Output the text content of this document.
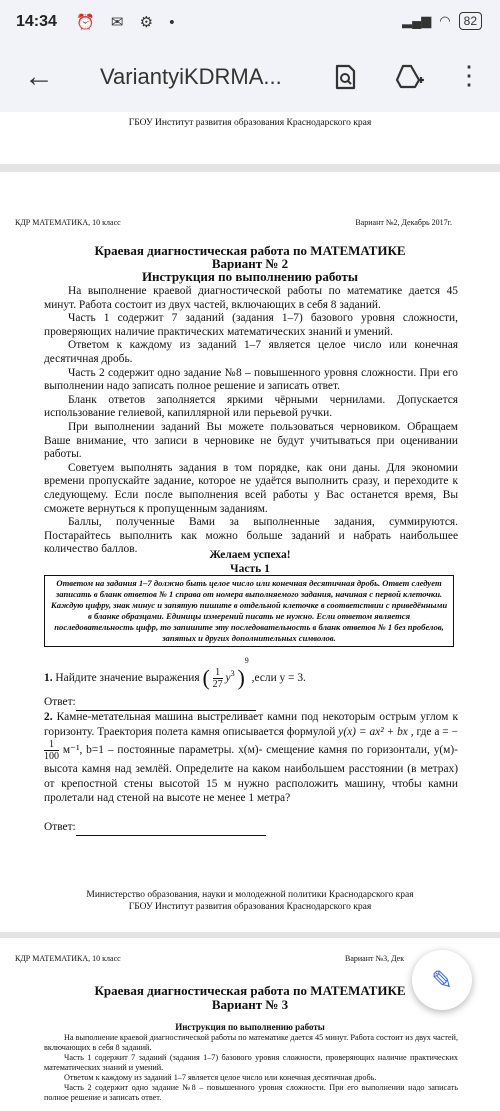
14:34 ⏰ ✉ ⚙ •	▂▄▆ ◠	82
← VariantyiKDRMA...	⋮
ГБОУ Институт развития образования Краснодарского края
КДР МАТЕМАТИКА, 10 класс	Вариант №2, Декабрь 2017г.
Краевая диагностическая работа по МАТЕМАТИКЕ
Вариант № 2
Инструкция по выполнению работы

На выполнение краевой диагностической работы по математике дается 45 минут. Работа состоит из двух частей, включающих в себя 8 заданий.

Часть 1 содержит 7 заданий (задания 1–7) базового уровня сложности, проверяющих наличие практических математических знаний и умений.

Ответом к каждому из заданий 1–7 является целое число или конечная десятичная дробь.

Часть 2 содержит одно задание №8 – повышенного уровня сложности. При его выполнении надо записать полное решение и записать ответ.

Бланк ответов заполняется яркими чёрными чернилами. Допускается использование гелиевой, капиллярной или перьевой ручки.

При выполнении заданий Вы можете пользоваться черновиком. Обращаем Ваше внимание, что записи в черновике не будут учитываться при оценивании работы.

Советуем выполнять задания в том порядке, как они даны. Для экономии времени пропускайте задание, которое не удаётся выполнить сразу, и переходите к следующему. Если после выполнения всей работы у Вас останется время, Вы сможете вернуться к пропущенным заданиям.

Баллы, полученные Вами за выполненные задания, суммируются. Постарайтесь выполнить как можно больше заданий и набрать наибольшее количество баллов.	Желаем успеха!
Часть 1
Ответом на задания 1–7 должно быть целое число или конечная десятичная дробь. Ответ следует записать в бланк ответов № 1 справа от номера выполняемого задания, начиная с первой клеточки. Каждую цифру, знак минус и запятую пишите в отдельной клеточке в соответствии с приведёнными в бланке образцами. Единицы измерений писать не нужно. Если ответом является последовательность цифр, то запишите эту последовательность в бланк ответов № 1 без пробелов, запятых и других дополнительных символов.
1. Найдите значение выражения ( $\frac{1}{27} y^3$ )$^9$ ,если y = 3.
Ответ:
2. Камне-метательная машина выстреливает камни под некоторым острым углом к горизонту. Траектория полета камня описывается формулой y(x) = ax² + bx , где a = −
$\frac{1}{100} м^{-1}$, b=1 – постоянные параметры. x(м)- смещение камня по горизонтали, y(м)- высота камня над землёй. Определите на каком наибольшем расстоянии (в метрах) от крепостной стены высотой 15 м нужно расположить машину, чтобы камни пролетали над стеной на высоте не менее 1 метра?
Ответ:
Министерство образования, науки и молодежной политики Краснодарского края
ГБОУ Институт развития образования Краснодарского края
КДР МАТЕМАТИКА, 10 класс	Вариант №3, Дек
Краевая диагностическая работа по МАТЕМАТИКЕ
Вариант № 3
Инструкция по выполнению работы

На выполнение краевой диагностической работы по математике дается 45 минут. Работа состоит из двух частей, включающих в себя 8 заданий.

Часть 1 содержит 7 заданий (задания 1–7) базового уровня сложности, проверяющих наличие практических математических знаний и умений.

Ответом к каждому из заданий 1–7 является целое число или конечная десятичная дробь.

Часть 2 содержит одно задание №8 – повышенного уровня сложности. При его выполнении надо записать полное решение и записать ответ.

✎
